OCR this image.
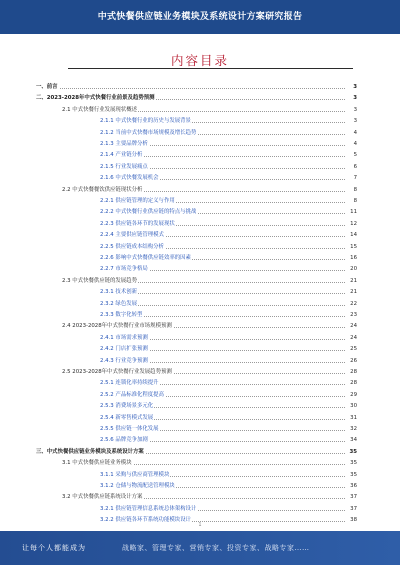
中式快餐供应链业务模块及系统设计方案研究报告
内容目录
一、前言	3
二、2023-2028年中式快餐行业前景及趋势预测	3
2.1 中式快餐行业发展现状概述	3
2.1.1 中式快餐行业的历史与发展背景	3
2.1.2 当前中式快餐市场规模及增长趋势	4
2.1.3 主要品牌分析	4
2.1.4 产业链分析	5
2.1.5 行业发展痛点	6
2.1.6 中式快餐发展机会	7
2.2 中式快餐餐饮供应链现状分析	8
2.2.1 供应链管理的定义与作用	8
2.2.2 中式快餐行业供应链的特点与挑战	11
2.2.3 供应链各环节的发展现状	12
2.2.4 主要供应链管理模式	14
2.2.5 供应链成本结构分析	15
2.2.6 影响中式快餐供应链效率的因素	16
2.2.7 市场竞争格局	20
2.3 中式快餐供应链的发展趋势	21
2.3.1 技术创新	21
2.3.2 绿色发展	22
2.3.3 数字化转型	23
2.4 2023-2028年中式快餐行业市场规模预测	24
2.4.1 市场需求预测	24
2.4.2 门店扩张预测	25
2.4.3 行业竞争预测	26
2.5 2023-2028年中式快餐行业发展趋势预测	28
2.5.1 连锁化率持续提升	28
2.5.2 产品标准化程度提高	29
2.5.3 消费场景多元化	30
2.5.4 新零售模式发展	31
2.5.5 供应链一体化发展	32
2.5.6 品牌竞争加剧	34
三、中式快餐供应链业务模块及系统设计方案	35
3.1 中式快餐供应链业务模块	35
3.1.1 采购与供应商管理模块	35
3.1.2 仓储与物流配送管理模块	36
3.2 中式快餐供应链系统设计方案	37
3.2.1 供应链管理信息系统总体架构设计	37
3.2.2 供应链各环节系统功能模块设计	38
1
让每个人都能成为	战略家、管理专家、营销专家、投资专家、战略专家……
